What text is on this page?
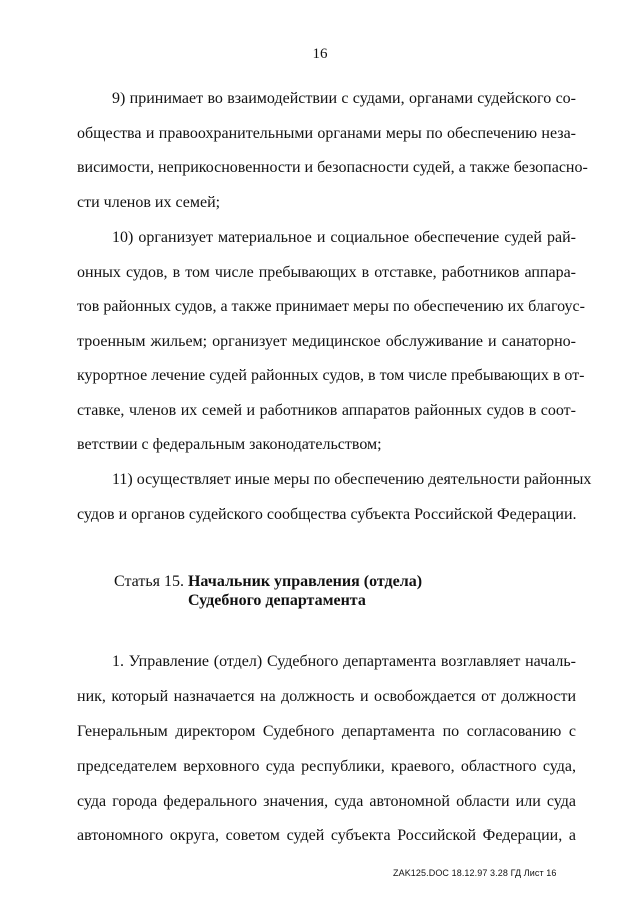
16
9) принимает во взаимодействии с судами, органами судейского со-
общества и правоохранительными органами меры по обеспечению неза-
висимости, неприкосновенности и безопасности судей, а также безопасно-
сти членов их семей;
10) организует материальное и социальное обеспечение судей рай-
онных судов, в том числе пребывающих в отставке, работников аппара-
тов районных судов, а также принимает меры по обеспечению их благоус-
троенным жильем; организует медицинское обслуживание и санаторно-
курортное лечение судей районных судов, в том числе пребывающих в от-
ставке, членов их семей и работников аппаратов районных судов в соот-
ветствии с федеральным законодательством;
11) осуществляет иные меры по обеспечению деятельности районных
судов и органов судейского сообщества субъекта Российской Федерации.
Статья 15. Начальник управления (отдела)
Судебного департамента
1. Управление (отдел) Судебного департамента возглавляет началь-
ник, который назначается на должность и освобождается от должности
Генеральным директором Судебного департамента по согласованию с
председателем верховного суда республики, краевого, областного суда,
суда города федерального значения, суда автономной области или суда
автономного округа, советом судей субъекта Российской Федерации, а
ZAK125.DOC 18.12.97 3.28 ГД Лист 16
